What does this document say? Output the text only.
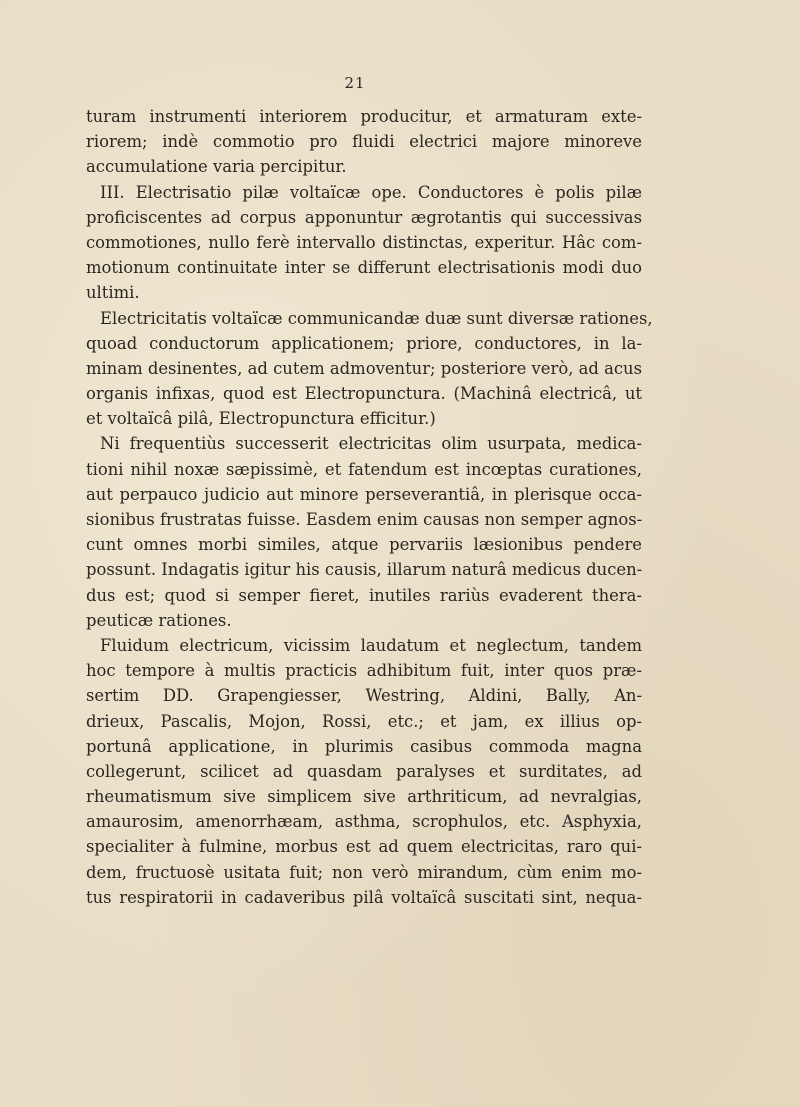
21
turam instrumenti interiorem producitur, et armaturam exte-
riorem; indè commotio pro fluidi electrici majore minoreve
accumulatione varia percipitur.
III. Electrisatio pilæ voltaïcæ ope. Conductores è polis pilæ
proficiscentes ad corpus apponuntur ægrotantis qui successivas
commotiones, nullo ferè intervallo distinctas, experitur. Hâc com-
motionum continuitate inter se differunt electrisationis modi duo
ultimi.
Electricitatis voltaïcæ communicandæ duæ sunt diversæ rationes,
quoad conductorum applicationem; priore, conductores, in la-
minam desinentes, ad cutem admoventur; posteriore verò, ad acus
organis infixas, quod est Electropunctura. (Machinâ electricâ, ut
et voltaïcâ pilâ, Electropunctura efficitur.)
Ni frequentiùs successerit electricitas olim usurpata, medica-
tioni nihil noxæ sæpissimè, et fatendum est incœptas curationes,
aut perpauco judicio aut minore perseverantiâ, in plerisque occa-
sionibus frustratas fuisse. Easdem enim causas non semper agnos-
cunt omnes morbi similes, atque pervariis læsionibus pendere
possunt. Indagatis igitur his causis, illarum naturâ medicus ducen-
dus est; quod si semper fieret, inutiles rariùs evaderent thera-
peuticæ rationes.
Fluidum electricum, vicissim laudatum et neglectum, tandem
hoc tempore à multis practicis adhibitum fuit, inter quos præ-
sertim DD. Grapengiesser, Westring, Aldini, Bally, An-
drieux, Pascalis, Mojon, Rossi, etc.; et jam, ex illius op-
portunâ applicatione, in plurimis casibus commoda magna
collegerunt, scilicet ad quasdam paralyses et surditates, ad
rheumatismum sive simplicem sive arthriticum, ad nevralgias,
amaurosim, amenorrhæam, asthma, scrophulos, etc. Asphyxia,
specialiter à fulmine, morbus est ad quem electricitas, raro qui-
dem, fructuosè usitata fuit; non verò mirandum, cùm enim mo-
tus respiratorii in cadaveribus pilâ voltaïcâ suscitati sint, nequa-
